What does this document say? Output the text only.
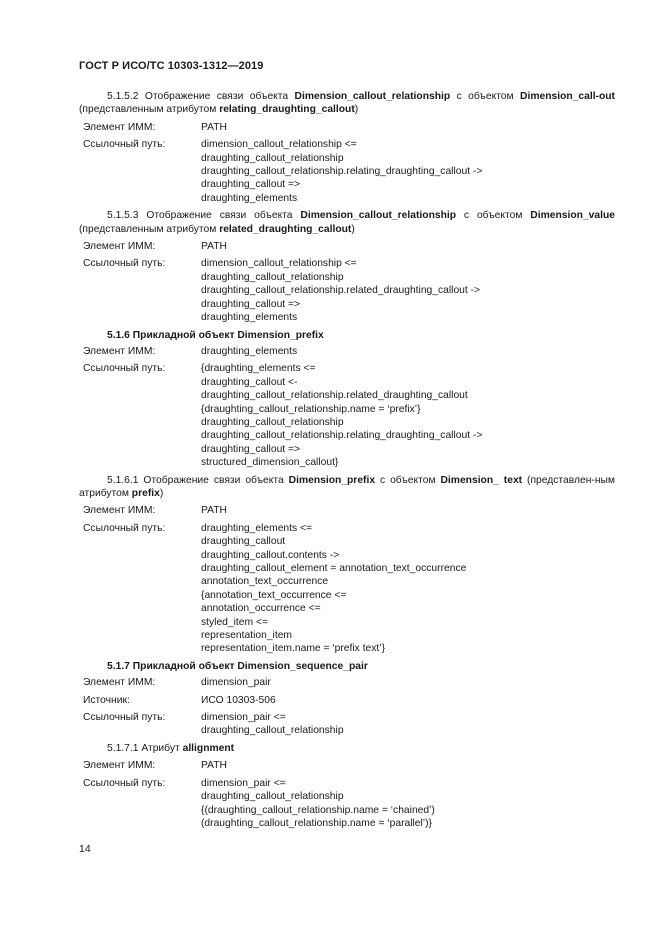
ГОСТ Р ИСО/ТС 10303-1312—2019

5.1.5.2 Отображение связи объекта Dimension_callout_relationship с объектом Dimension_call-out (представленным атрибутом relating_draughting_callout)

Элемент ИММ:	PATH
Ссылочный путь:	dimension_callout_relationship <=
draughting_callout_relationship
draughting_callout_relationship.relating_draughting_callout ->
draughting_callout =>
draughting_elements

5.1.5.3 Отображение связи объекта Dimension_callout_relationship с объектом Dimension_value (представленным атрибутом related_draughting_callout)

Элемент ИММ:	PATH
Ссылочный путь:	dimension_callout_relationship <=
draughting_callout_relationship
draughting_callout_relationship.related_draughting_callout ->
draughting_callout =>
draughting_elements
5.1.6 Прикладной объект Dimension_prefix
Элемент ИММ:	draughting_elements
Ссылочный путь:	{draughting_elements <=
draughting_callout <-
draughting_callout_relationship.related_draughting_callout
{draughting_callout_relationship.name = ‘prefix’}
draughting_callout_relationship
draughting_callout_relationship.relating_draughting_callout ->
draughting_callout =>
structured_dimension_callout}

5.1.6.1 Отображение связи объекта Dimension_prefix с объектом Dimension_ text (представлен-ным атрибутом prefix)

Элемент ИММ:	PATH
Ссылочный путь:	draughting_elements <=
draughting_callout
draughting_callout.contents ->
draughting_callout_element = annotation_text_occurrence
annotation_text_occurrence
{annotation_text_occurrence <=
annotation_occurrence <=
styled_item <=
representation_item
representation_item.name = ‘prefix text’}
5.1.7 Прикладной объект Dimension_sequence_pair
Элемент ИММ:	dimension_pair
Источник:	ИСО 10303-506
Ссылочный путь:	dimension_pair <=
draughting_callout_relationship

5.1.7.1 Атрибут allignment

Элемент ИММ:	PATH
Ссылочный путь:	dimension_pair <=
draughting_callout_relationship
{(draughting_callout_relationship.name = ‘chained’)
(draughting_callout_relationship.name = ‘parallel’)}
14
